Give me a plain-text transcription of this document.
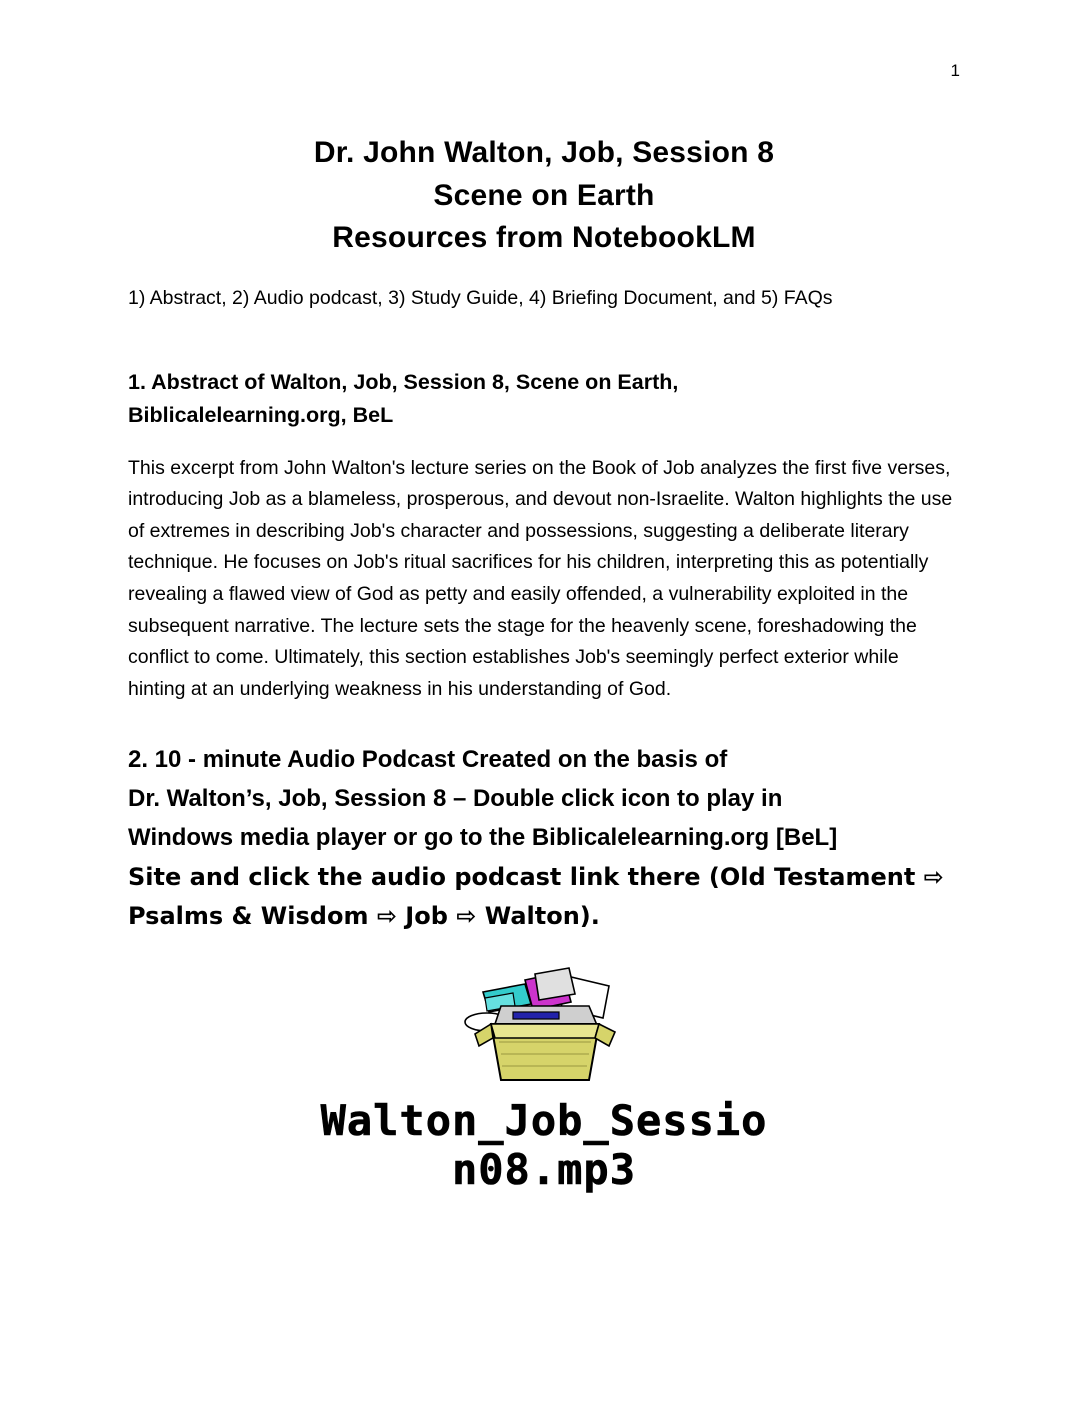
1
Dr. John Walton, Job, Session 8
Scene on Earth
Resources from NotebookLM
1) Abstract, 2) Audio podcast, 3) Study Guide, 4) Briefing Document, and 5) FAQs
1. Abstract of Walton, Job, Session 8, Scene on Earth,
Biblicalelearning.org, BeL
This excerpt from John Walton's lecture series on the Book of Job analyzes the first five verses, introducing Job as a blameless, prosperous, and devout non-Israelite. Walton highlights the use of extremes in describing Job's character and possessions, suggesting a deliberate literary technique. He focuses on Job's ritual sacrifices for his children, interpreting this as potentially revealing a flawed view of God as petty and easily offended, a vulnerability exploited in the subsequent narrative. The lecture sets the stage for the heavenly scene, foreshadowing the conflict to come. Ultimately, this section establishes Job's seemingly perfect exterior while hinting at an underlying weakness in his understanding of God.
2. 10 - minute Audio Podcast Created on the basis of
Dr. Walton’s, Job, Session 8 – Double click icon to play in
Windows media player or go to the Biblicalelearning.org [BeL]
Site and click the audio podcast link there (Old Testament ⇨
Psalms & Wisdom ⇨ Job ⇨ Walton).
Walton_Job_Sessio
n08.mp3
